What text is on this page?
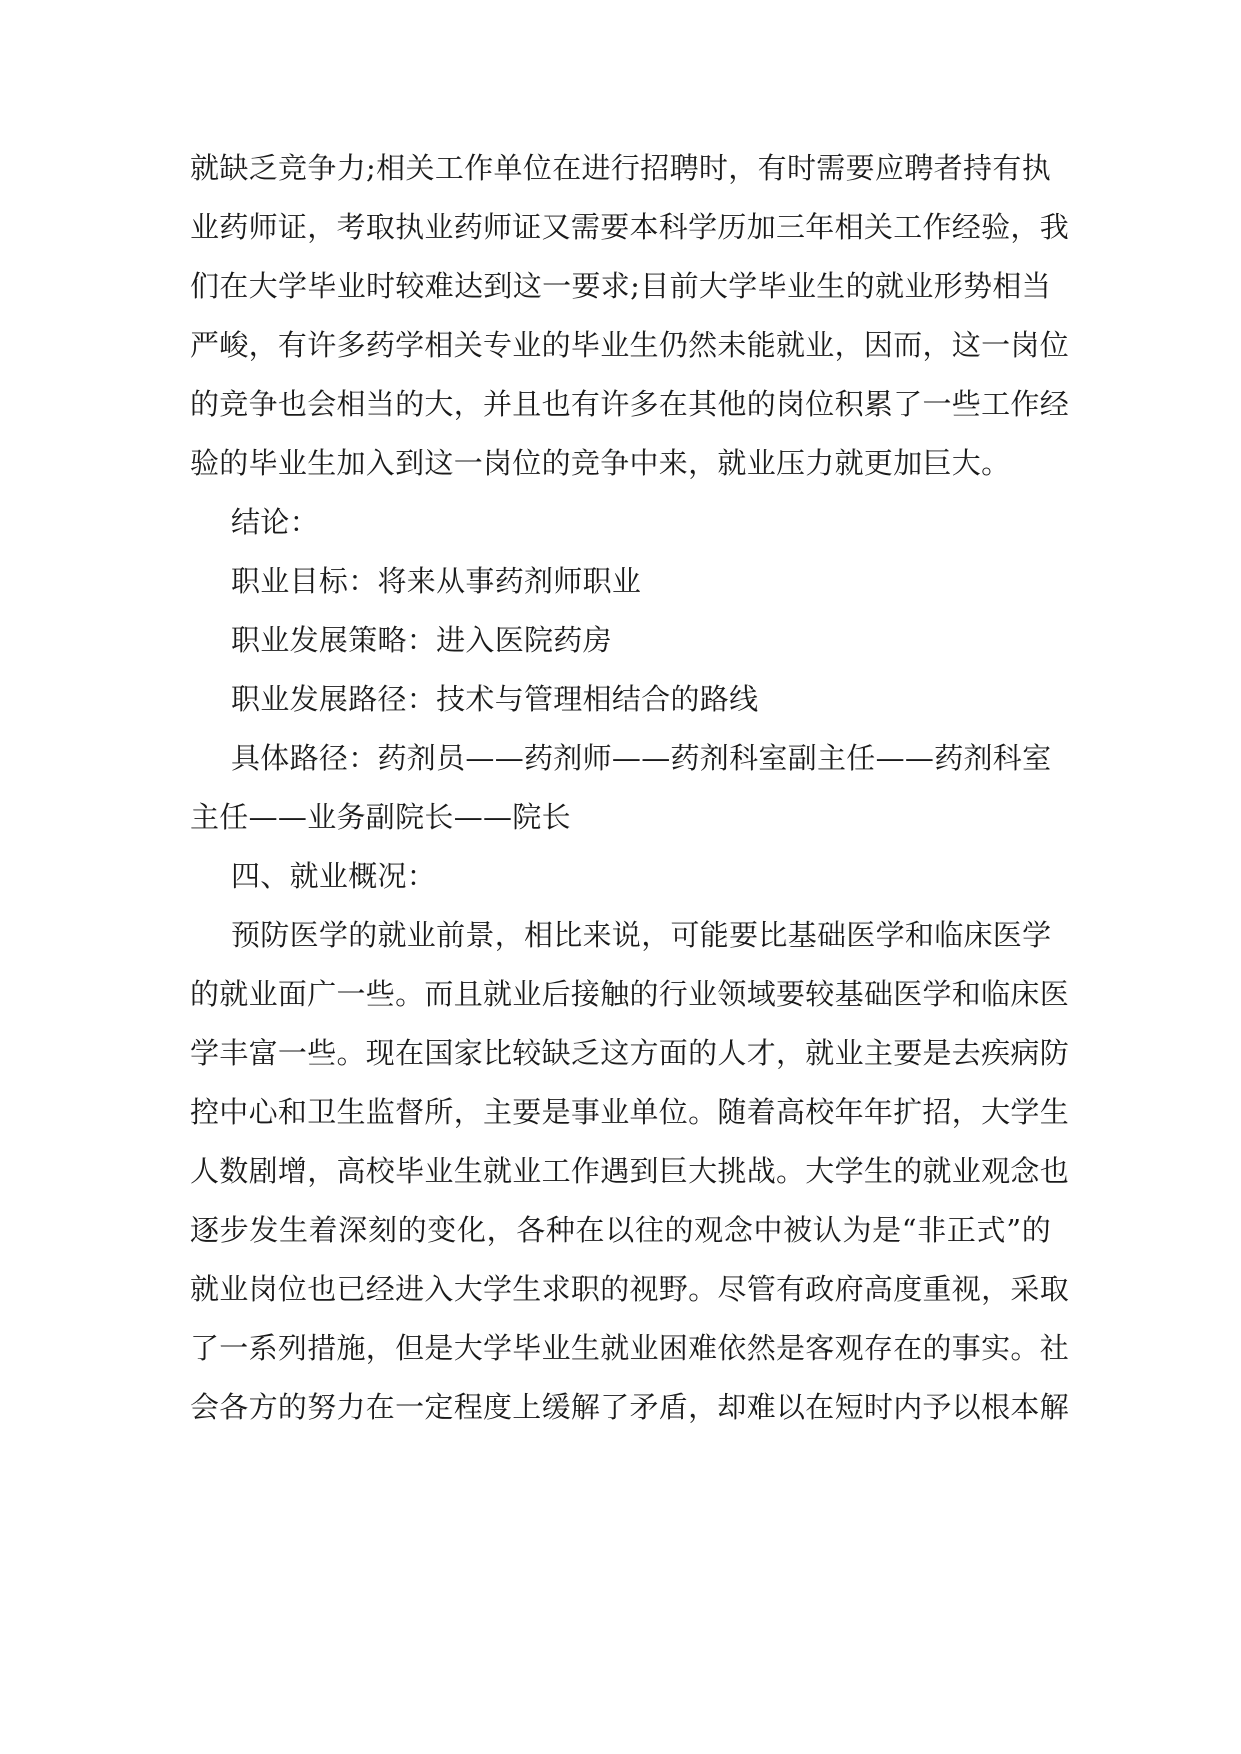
就缺乏竞争力;相关工作单位在进行招聘时，有时需要应聘者持有执
业药师证，考取执业药师证又需要本科学历加三年相关工作经验，我
们在大学毕业时较难达到这一要求;目前大学毕业生的就业形势相当
严峻，有许多药学相关专业的毕业生仍然未能就业，因而，这一岗位
的竞争也会相当的大，并且也有许多在其他的岗位积累了一些工作经
验的毕业生加入到这一岗位的竞争中来，就业压力就更加巨大。
结论：
职业目标：将来从事药剂师职业
职业发展策略：进入医院药房
职业发展路径：技术与管理相结合的路线
具体路径：药剂员——药剂师——药剂科室副主任——药剂科室
主任——业务副院长——院长
四、就业概况：
预防医学的就业前景，相比来说，可能要比基础医学和临床医学
的就业面广一些。而且就业后接触的行业领域要较基础医学和临床医
学丰富一些。现在国家比较缺乏这方面的人才，就业主要是去疾病防
控中心和卫生监督所，主要是事业单位。随着高校年年扩招，大学生
人数剧增，高校毕业生就业工作遇到巨大挑战。大学生的就业观念也
逐步发生着深刻的变化，各种在以往的观念中被认为是“非正式”的
就业岗位也已经进入大学生求职的视野。尽管有政府高度重视，采取
了一系列措施，但是大学毕业生就业困难依然是客观存在的事实。社
会各方的努力在一定程度上缓解了矛盾，却难以在短时内予以根本解
